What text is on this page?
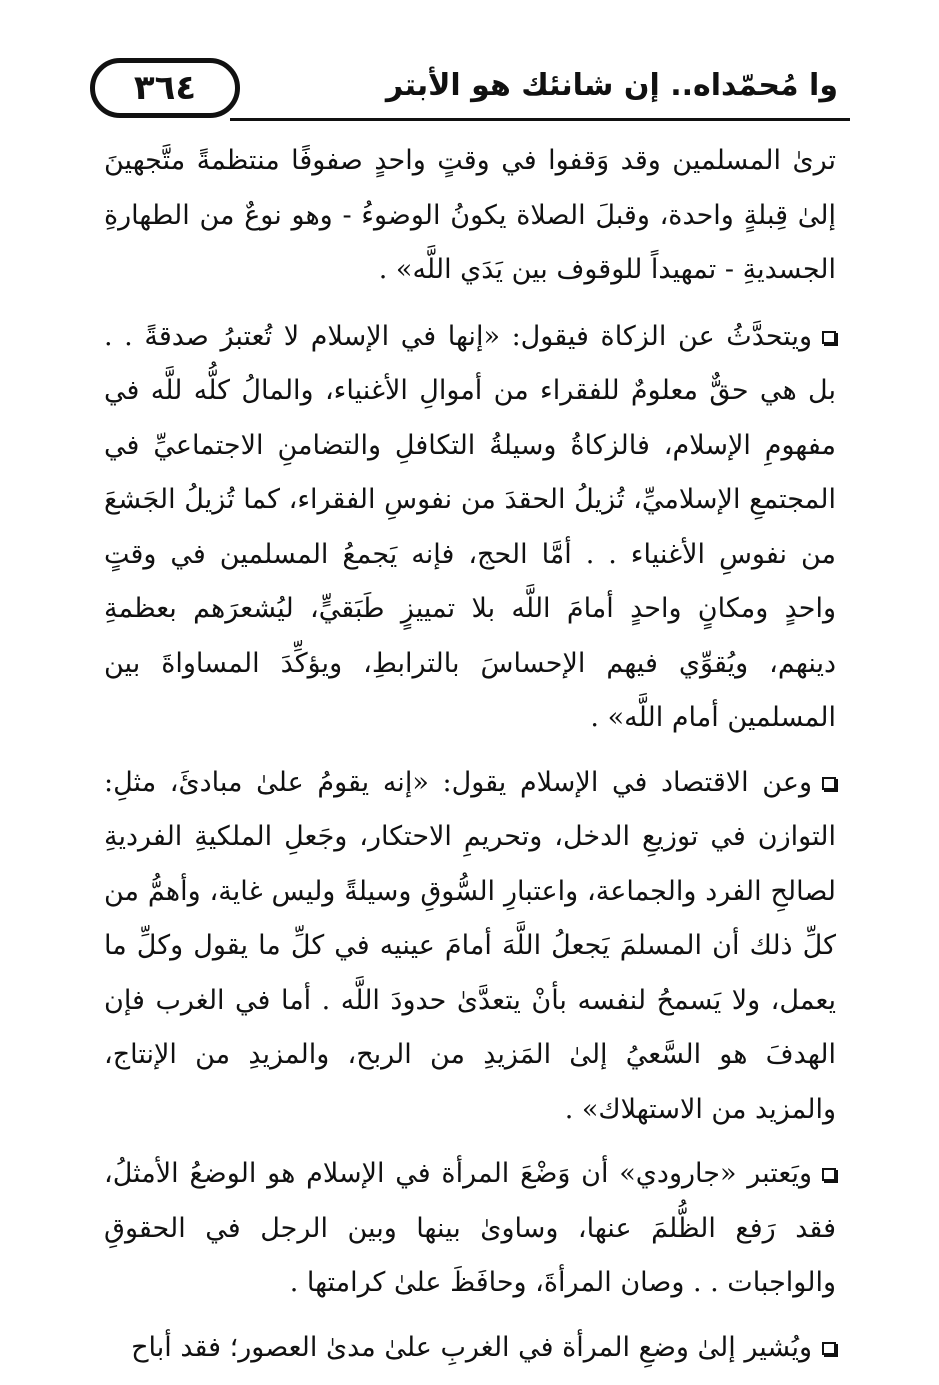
٣٦٤	وا مُحمّداه.. إن شانئك هو الأبتر

ترىٰ المسلمين وقد وَقفوا في وقتٍ واحدٍ صفوفًا منتظمةً متَّجهينَ إلىٰ قِبلةٍ واحدة، وقبلَ الصلاة يكونُ الوضوءُ - وهو نوعٌ من الطهارةِ الجسديةِ - تمهيداً للوقوف بين يَدَي اللَّه» .

ويتحدَّثُ عن الزكاة فيقول: «إنها في الإسلام لا تُعتبرُ صدقةً . . بل هي حقٌّ معلومٌ للفقراء من أموالِ الأغنياء، والمالُ كلُّه للَّه في مفهومِ الإسلام، فالزكاةُ وسيلةُ التكافلِ والتضامنِ الاجتماعيِّ في المجتمعِ الإسلاميِّ، تُزيلُ الحقدَ من نفوسِ الفقراء، كما تُزيلُ الجَشعَ من نفوسِ الأغنياء . . أمَّا الحج، فإنه يَجمعُ المسلمين في وقتٍ واحدٍ ومكانٍ واحدٍ أمامَ اللَّه بلا تمييزٍ طَبَقيٍّ، ليُشعرَهم بعظمةِ دينهم، ويُقوِّي فيهم الإحساسَ بالترابطِ، ويؤكِّدَ المساواةَ بين المسلمين أمام اللَّه» .

وعن الاقتصاد في الإسلام يقول: «إنه يقومُ علىٰ مبادئَ، مثلِ: التوازن في توزيعِ الدخل، وتحريمِ الاحتكار، وجَعلِ الملكيةِ الفرديةِ لصالحِ الفرد والجماعة، واعتبارِ السُّوقِ وسيلةً وليس غاية، وأهمُّ من كلِّ ذلك أن المسلمَ يَجعلُ اللَّهَ أمامَ عينيه في كلِّ ما يقول وكلِّ ما يعمل، ولا يَسمحُ لنفسه بأنْ يتعدَّىٰ حدودَ اللَّه . أما في الغرب فإن الهدفَ هو السَّعيُ إلىٰ المَزيدِ من الربح، والمزيدِ من الإنتاج، والمزيد من الاستهلاك» .

ويَعتبر «جارودي» أن وَضْعَ المرأة في الإسلام هو الوضعُ الأمثلُ، فقد رَفع الظُّلمَ عنها، وساوىٰ بينها وبين الرجل في الحقوقِ والواجبات . . وصان المرأةَ، وحافَظَ علىٰ كرامتها .

ويُشير إلىٰ وضعِ المرأة في الغربِ علىٰ مدىٰ العصور؛ فقد أباح
